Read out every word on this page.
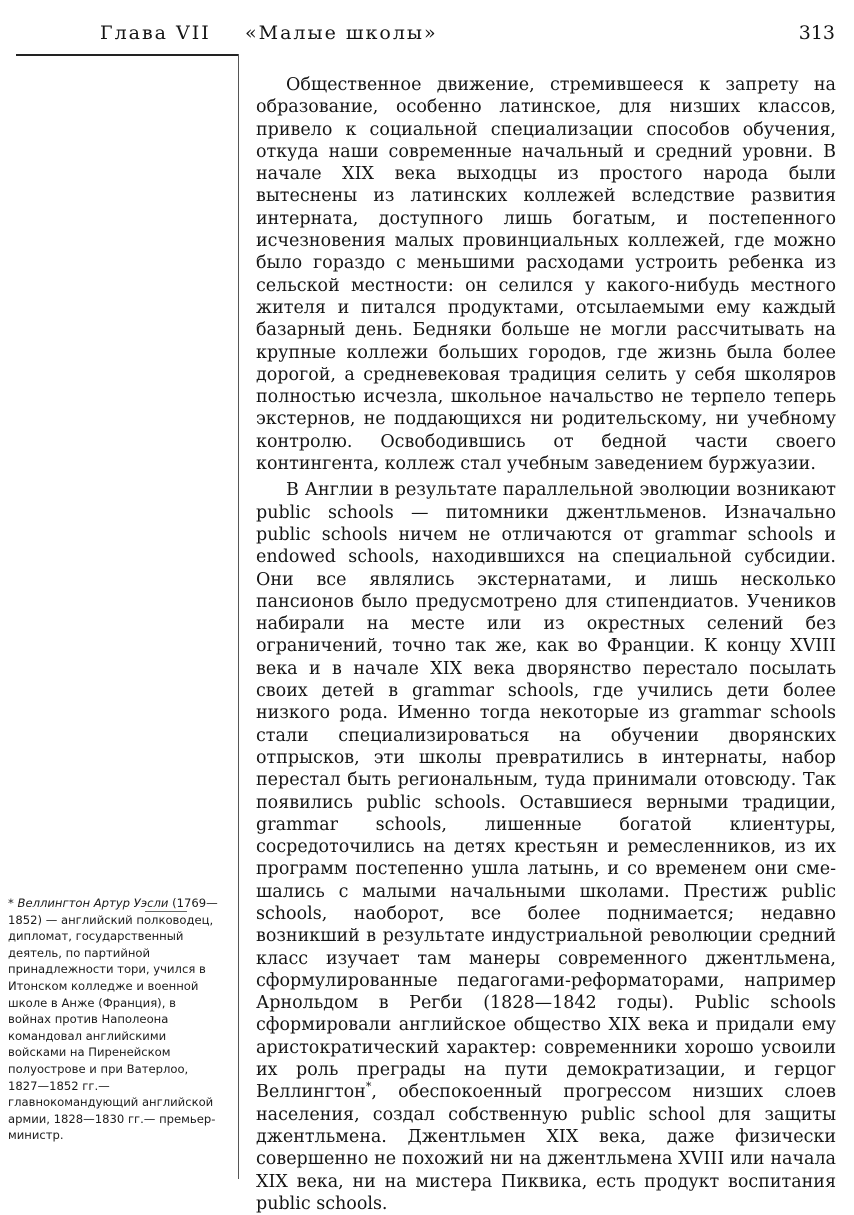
Глава VII «Малые школы»	313

Общественное движение, стремившееся к запрету на образование, особенно латинское, для низших классов, привело к социальной специализации способов обучения, откуда наши современные начальный и средний уровни. В начале XIX века выходцы из простого народа были вытеснены из латинских коллежей вследствие развития интерната, доступного лишь богатым, и постепенного исчезновения малых провинциальных коллежей, где можно было гораздо с меньшими расходами устроить ребенка из сельской местности: он селился у какого-нибудь местного жителя и питался продуктами, отсылаемыми ему каждый базарный день. Бедняки больше не могли рассчитывать на крупные коллежи больших городов, где жизнь была более дорогой, а средневековая традиция селить у себя школяров полностью исчезла, школьное начальство не терпело теперь экстернов, не поддающихся ни родительскому, ни учебному контролю. Освободившись от бедной части своего контингента, коллеж стал учебным заведением буржуазии.

В Англии в результате параллельной эволюции возникают public schools — питомники джентльменов. Изначально public schools ничем не отличаются от grammar schools и endowed schools, находившихся на специальной субсидии. Они все являлись экстернатами, и лишь несколько пансионов было предусмотрено для стипендиатов. Учеников набирали на месте или из окрестных селений без ограничений, точно так же, как во Франции. К концу XVIII века и в начале XIX века дворянство перестало посылать своих детей в grammar schools, где учились дети более низкого рода. Именно тогда некоторые из grammar schools стали специализироваться на обучении дворянских отпрысков, эти школы превратились в интернаты, набор перестал быть региональным, туда принимали отовсюду. Так появились public schools. Оставшиеся верными традиции, grammar schools, лишенные богатой клиентуры, сосредоточились на детях крестьян и ремесленников, из их программ постепенно ушла латынь, и со временем они смешались с малыми начальными школами. Престиж public schools, наоборот, все более поднимается; недавно возникший в результате индустриальной революции средний класс изучает там манеры современного джентльмена, сформулированные педагогами-реформаторами, например Арнольдом в Регби (1828—1842 годы). Public schools сформировали английское общество XIX века и придали ему аристократический характер: современники хорошо усвоили их роль преграды на пути демократизации, и герцог Веллингтон*, обеспокоенный прогрессом низших слоев населения, создал собственную public school для защиты джентльмена. Джентльмен XIX века, даже физически совершенно не похожий ни на джентльмена XVIII или начала XIX века, ни на мистера Пиквика, есть продукт воспитания public schools.

* Веллингтон Артур Уэсли (1769—1852) — английский полководец, дипломат, государственный деятель, по партийной принадлежности тори, учился в Итонском колледже и военной школе в Анже (Франция), в войнах против Наполеона командовал английскими войсками на Пиренейском полуострове и при Ватерлоо, 1827—1852 гг.— главнокомандующий английской армии, 1828—1830 гг.— премьер-министр.
